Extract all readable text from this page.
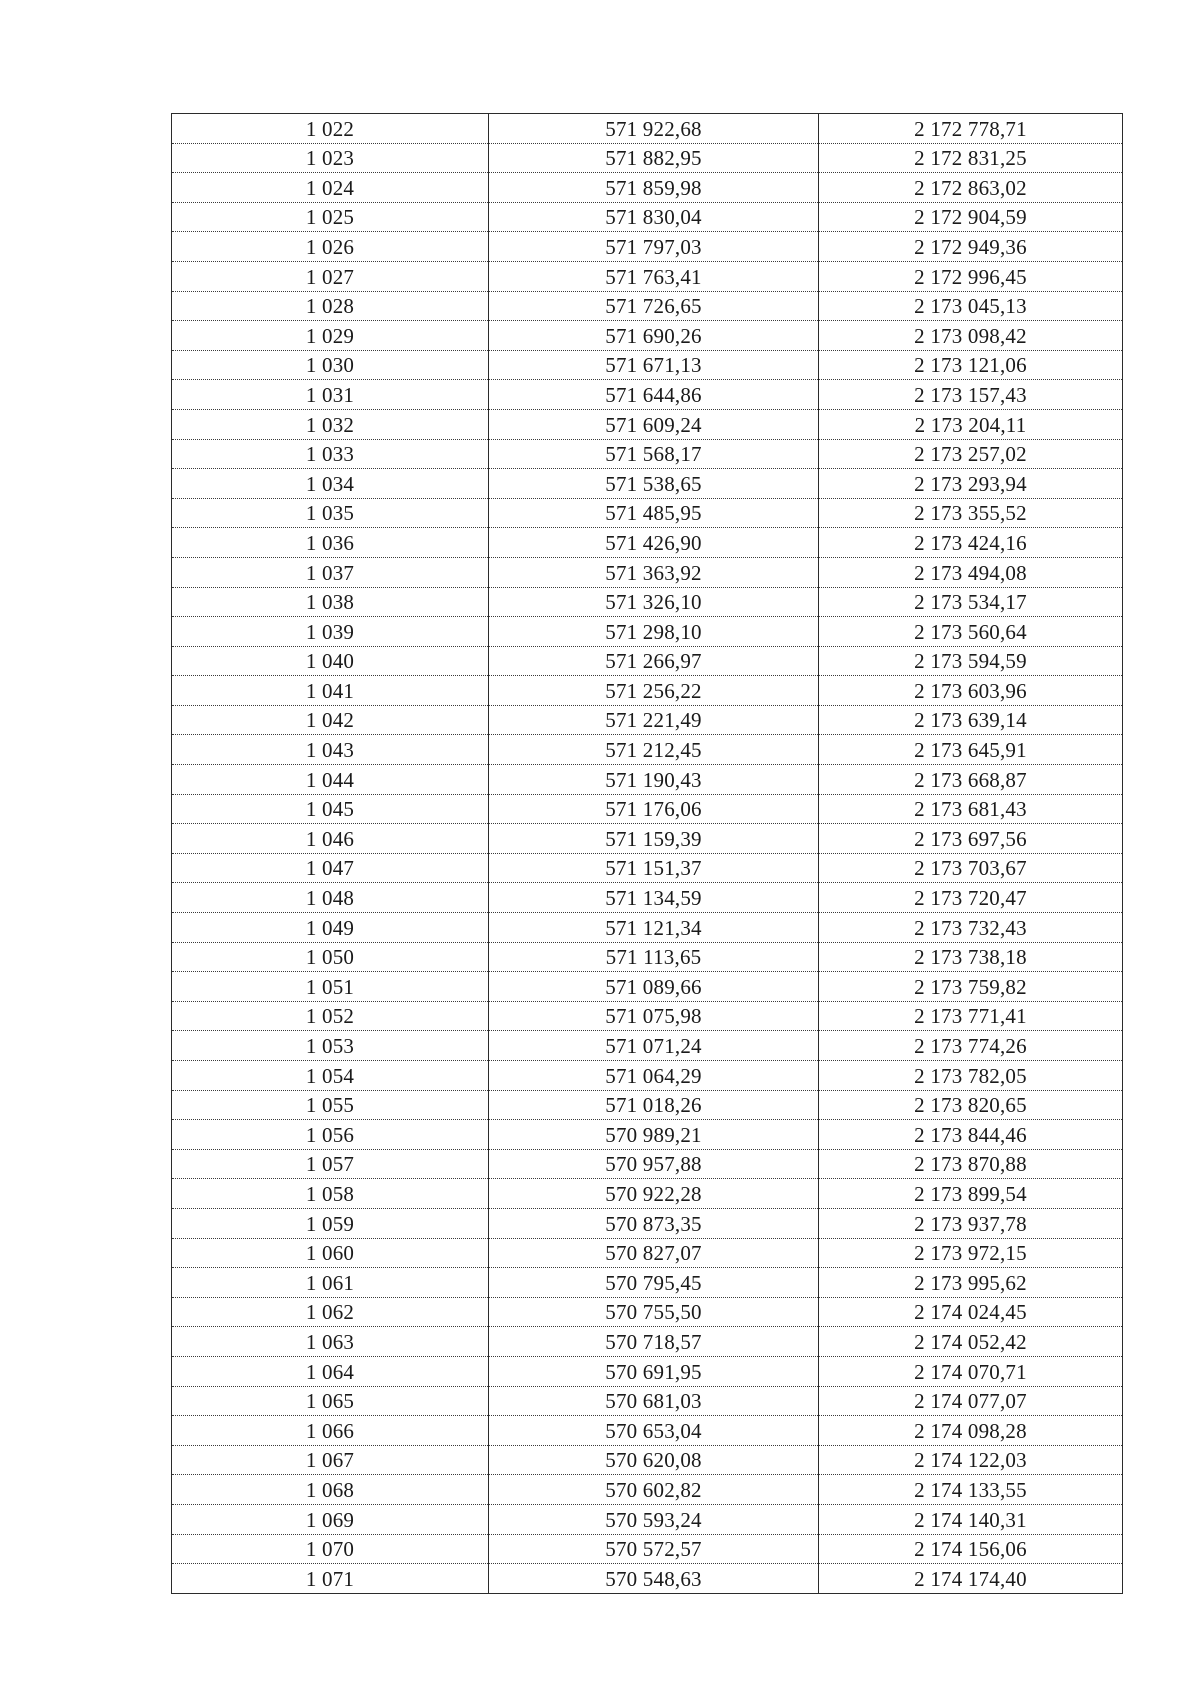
1 022	571 922,68	2 172 778,71
1 023	571 882,95	2 172 831,25
1 024	571 859,98	2 172 863,02
1 025	571 830,04	2 172 904,59
1 026	571 797,03	2 172 949,36
1 027	571 763,41	2 172 996,45
1 028	571 726,65	2 173 045,13
1 029	571 690,26	2 173 098,42
1 030	571 671,13	2 173 121,06
1 031	571 644,86	2 173 157,43
1 032	571 609,24	2 173 204,11
1 033	571 568,17	2 173 257,02
1 034	571 538,65	2 173 293,94
1 035	571 485,95	2 173 355,52
1 036	571 426,90	2 173 424,16
1 037	571 363,92	2 173 494,08
1 038	571 326,10	2 173 534,17
1 039	571 298,10	2 173 560,64
1 040	571 266,97	2 173 594,59
1 041	571 256,22	2 173 603,96
1 042	571 221,49	2 173 639,14
1 043	571 212,45	2 173 645,91
1 044	571 190,43	2 173 668,87
1 045	571 176,06	2 173 681,43
1 046	571 159,39	2 173 697,56
1 047	571 151,37	2 173 703,67
1 048	571 134,59	2 173 720,47
1 049	571 121,34	2 173 732,43
1 050	571 113,65	2 173 738,18
1 051	571 089,66	2 173 759,82
1 052	571 075,98	2 173 771,41
1 053	571 071,24	2 173 774,26
1 054	571 064,29	2 173 782,05
1 055	571 018,26	2 173 820,65
1 056	570 989,21	2 173 844,46
1 057	570 957,88	2 173 870,88
1 058	570 922,28	2 173 899,54
1 059	570 873,35	2 173 937,78
1 060	570 827,07	2 173 972,15
1 061	570 795,45	2 173 995,62
1 062	570 755,50	2 174 024,45
1 063	570 718,57	2 174 052,42
1 064	570 691,95	2 174 070,71
1 065	570 681,03	2 174 077,07
1 066	570 653,04	2 174 098,28
1 067	570 620,08	2 174 122,03
1 068	570 602,82	2 174 133,55
1 069	570 593,24	2 174 140,31
1 070	570 572,57	2 174 156,06
1 071	570 548,63	2 174 174,40
